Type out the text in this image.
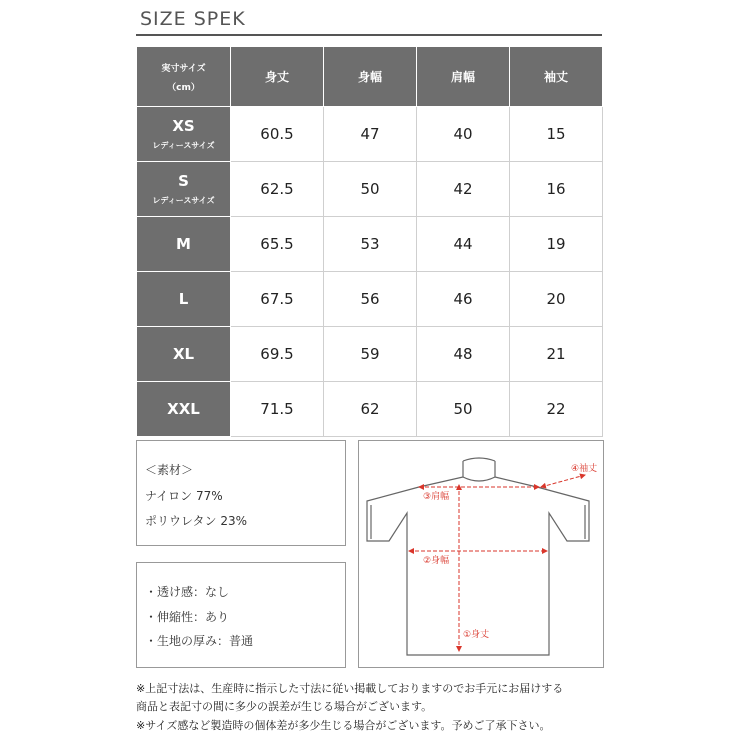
SIZE SPEK
実寸サイズ
（cm）	身丈	身幅	肩幅	袖丈
XS
レディースサイズ	60.5	47	40	15
S
レディースサイズ	62.5	50	42	16
M	65.5	53	44	19
L	67.5	56	46	20
XL	69.5	59	48	21
XXL	71.5	62	50	22
＜素材＞
ナイロン 77%
ポリウレタン 23%
・透け感：なし
・伸縮性：あり
・生地の厚み：普通
③肩幅
②身幅
①身丈
④袖丈
※上記寸法は、生産時に指示した寸法に従い掲載しておりますのでお手元にお届けする
商品と表記寸の間に多少の誤差が生じる場合がございます。
※サイズ感など製造時の個体差が多少生じる場合がございます。予めご了承下さい。
